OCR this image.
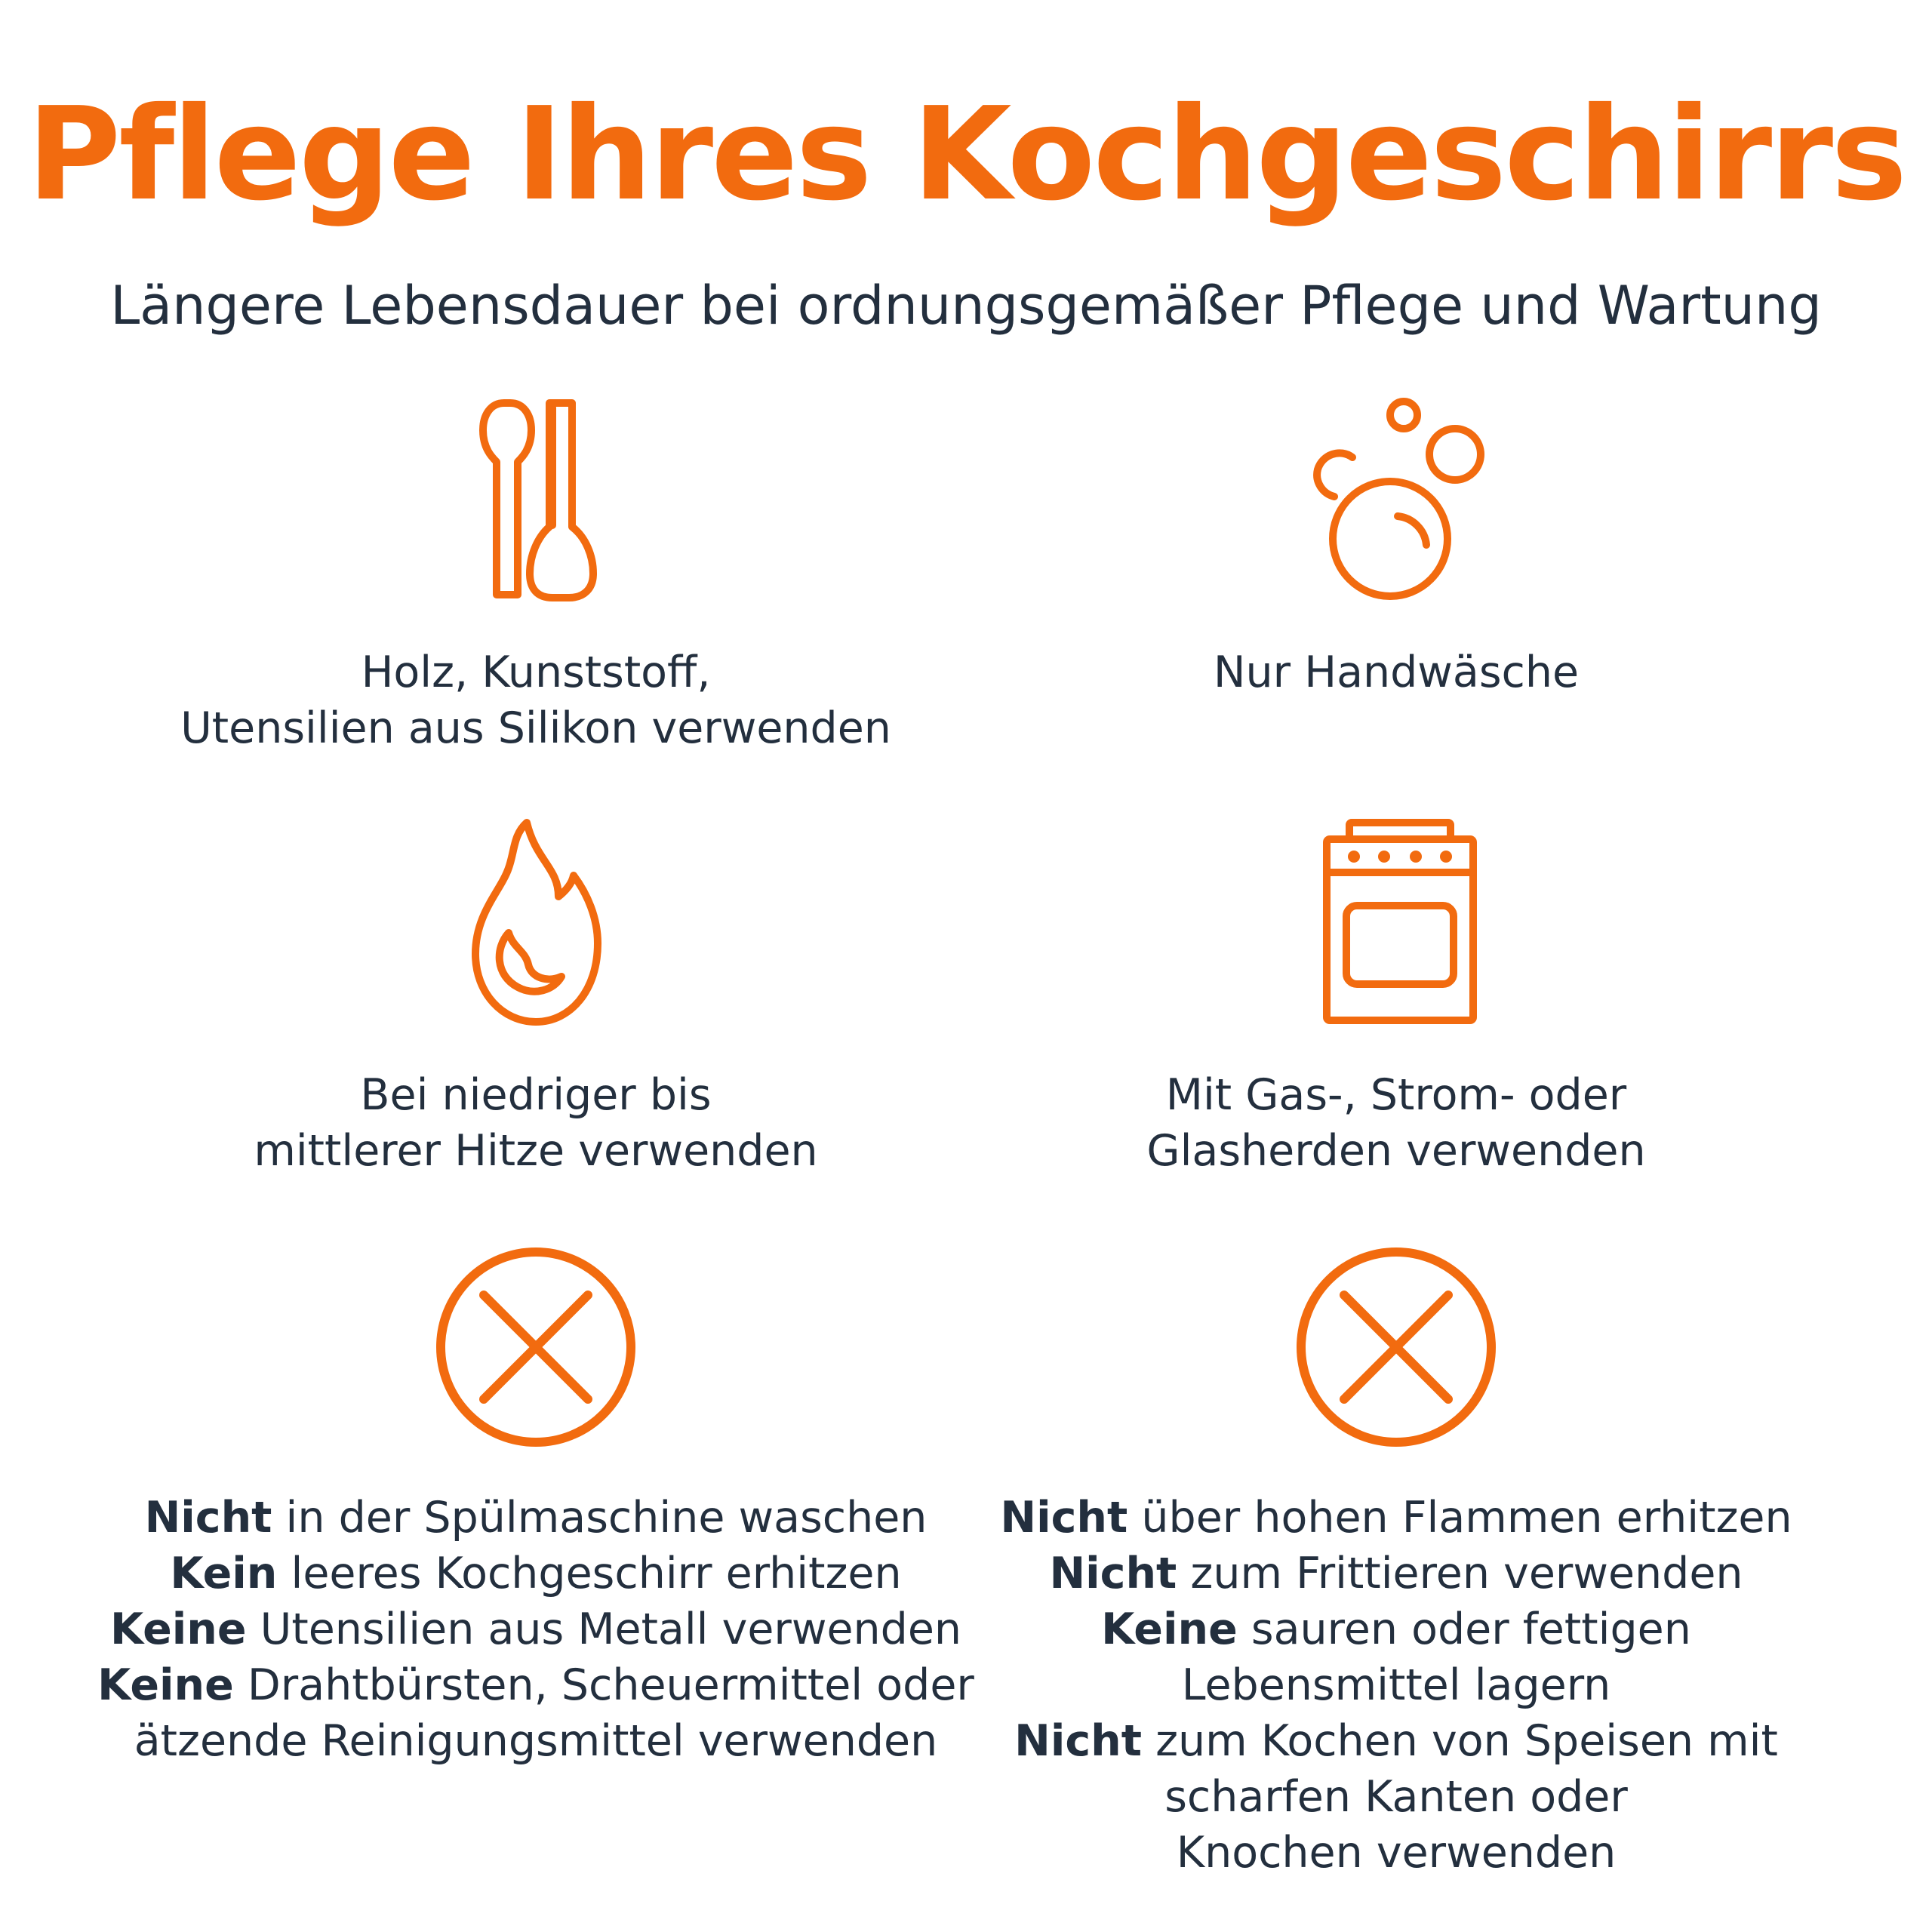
Pflege Ihres Kochgeschirrs
Längere Lebensdauer bei ordnungsgemäßer Pflege und Wartung
Holz, Kunststoff,
Utensilien aus Silikon verwenden
Nur Handwäsche
Bei niedriger bis
mittlerer Hitze verwenden
Mit Gas-, Strom- oder
Glasherden verwenden
Nicht in der Spülmaschine waschen
Kein leeres Kochgeschirr erhitzen
Keine Utensilien aus Metall verwenden
Keine Drahtbürsten, Scheuermittel oder
ätzende Reinigungsmittel verwenden
Nicht über hohen Flammen erhitzen
Nicht zum Frittieren verwenden
Keine sauren oder fettigen
Lebensmittel lagern
Nicht zum Kochen von Speisen mit
scharfen Kanten oder
Knochen verwenden
